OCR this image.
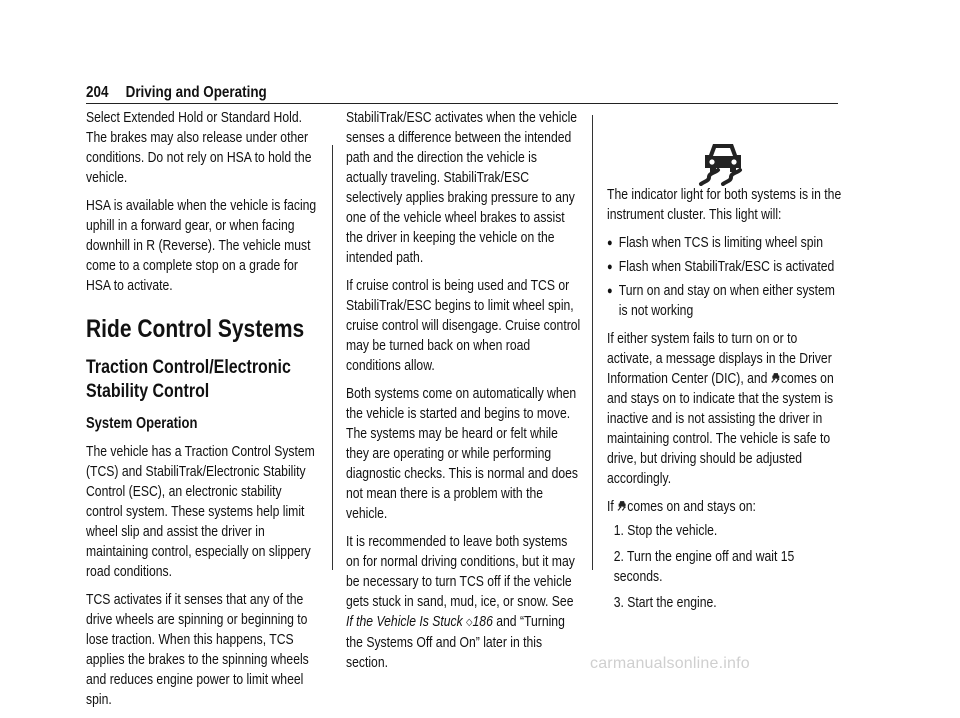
204 Driving and Operating

Select Extended Hold or Standard Hold. The brakes may also release under other conditions. Do not rely on HSA to hold the vehicle.

HSA is available when the vehicle is facing uphill in a forward gear, or when facing downhill in R (Reverse). The vehicle must come to a complete stop on a grade for HSA to activate.

Ride Control Systems
Traction Control/Electronic Stability Control
System Operation

The vehicle has a Traction Control System (TCS) and StabiliTrak/Electronic Stability Control (ESC), an electronic stability control system. These systems help limit wheel slip and assist the driver in maintaining control, especially on slippery road conditions.

TCS activates if it senses that any of the drive wheels are spinning or beginning to lose traction. When this happens, TCS applies the brakes to the spinning wheels and reduces engine power to limit wheel spin.

StabiliTrak/ESC activates when the vehicle senses a difference between the intended path and the direction the vehicle is actually traveling. StabiliTrak/ESC selectively applies braking pressure to any one of the vehicle wheel brakes to assist the driver in keeping the vehicle on the intended path.

If cruise control is being used and TCS or StabiliTrak/ESC begins to limit wheel spin, cruise control will disengage. Cruise control may be turned back on when road conditions allow.

Both systems come on automatically when the vehicle is started and begins to move. The systems may be heard or felt while they are operating or while performing diagnostic checks. This is normal and does not mean there is a problem with the vehicle.

It is recommended to leave both systems on for normal driving conditions, but it may be necessary to turn TCS off if the vehicle gets stuck in sand, mud, ice, or snow. See If the Vehicle Is Stuck ◇186 and “Turning the Systems Off and On” later in this section.

The indicator light for both systems is in the instrument cluster. This light will:

● Flash when TCS is limiting wheel spin
● Flash when StabiliTrak/ESC is activated
● Turn on and stay on when either system is not working

If either system fails to turn on or to activate, a message displays in the Driver Information Center (DIC), and comes on and stays on to indicate that the system is inactive and is not assisting the driver in maintaining control. The vehicle is safe to drive, but driving should be adjusted accordingly.

If comes on and stays on:

1. Stop the vehicle.
2. Turn the engine off and wait 15 seconds.
3. Start the engine.
carmanualsonline.info
